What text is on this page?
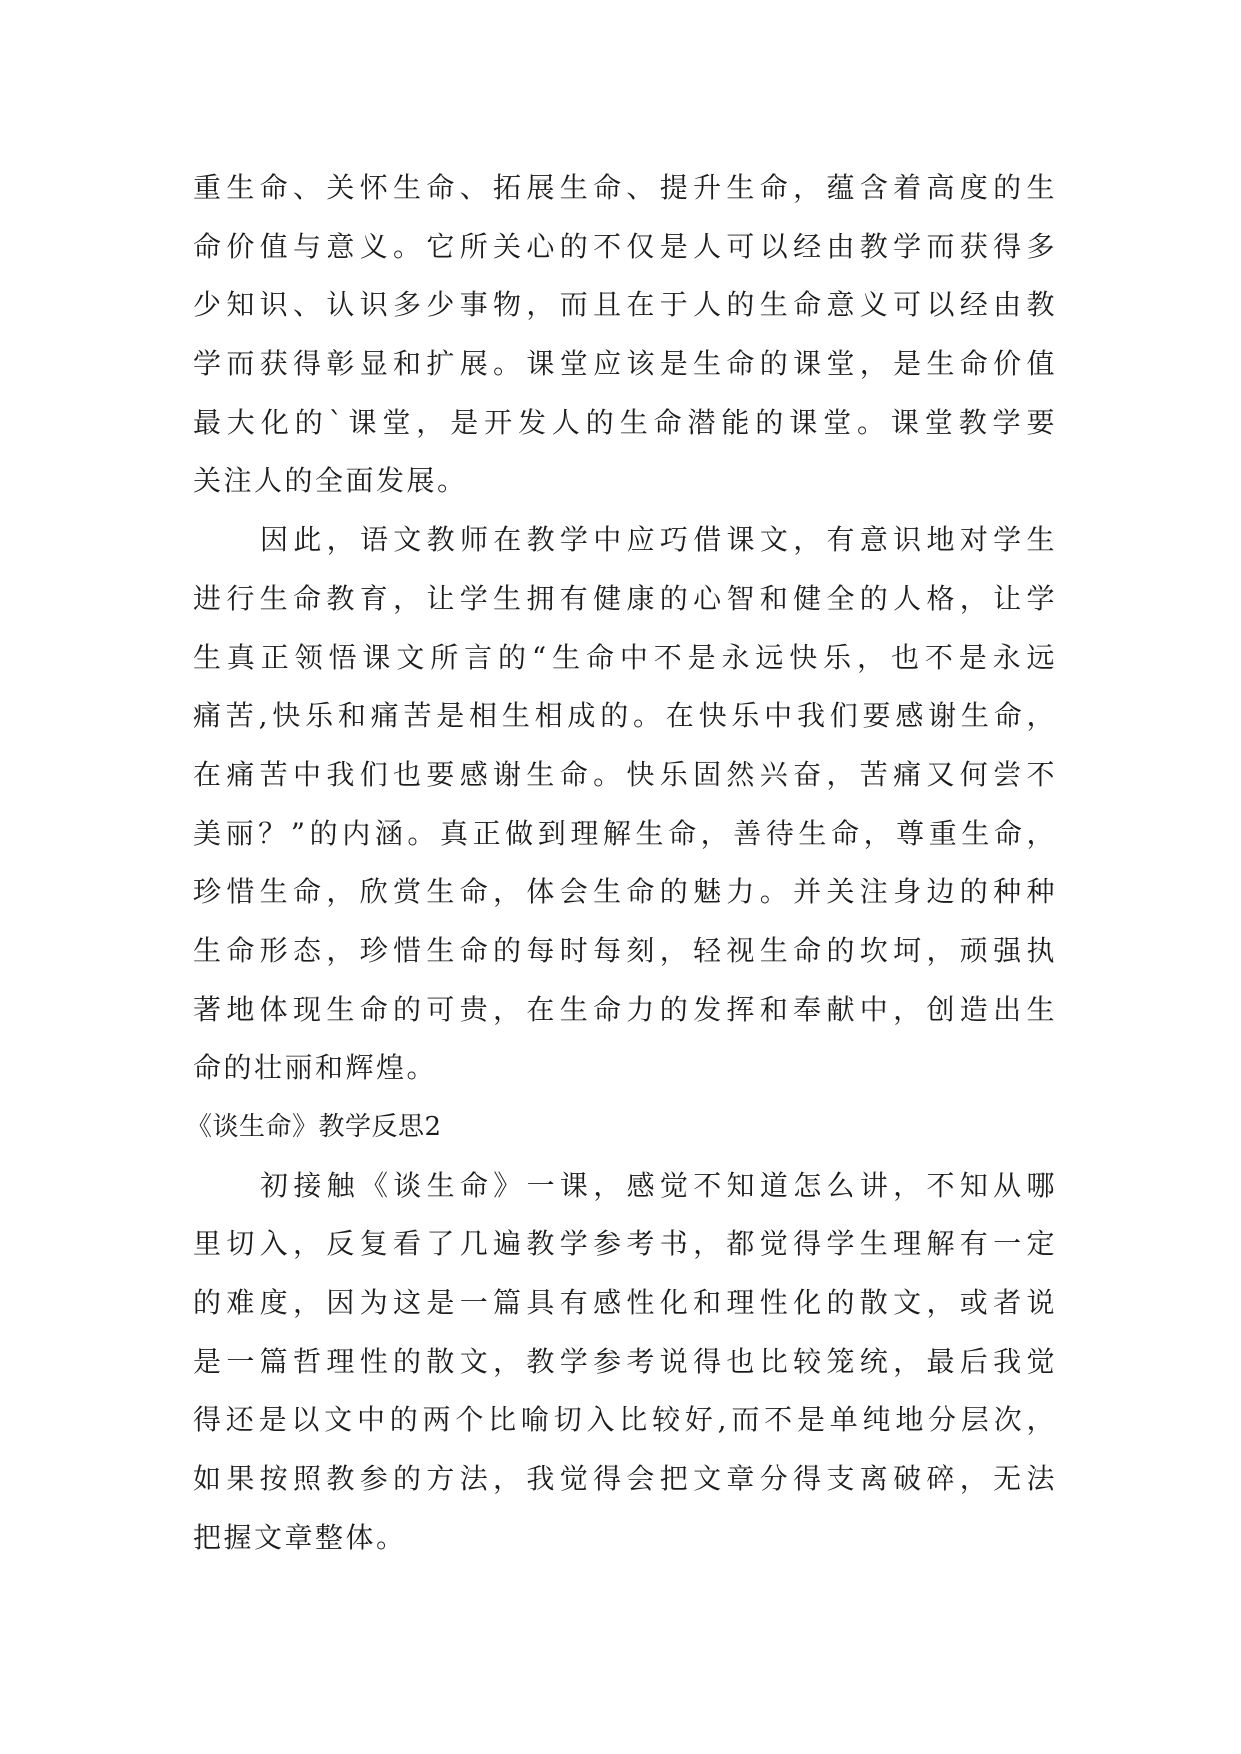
重生命、关怀生命、拓展生命、提升生命，蕴含着高度的生
命价值与意义。它所关心的不仅是人可以经由教学而获得多
少知识、认识多少事物，而且在于人的生命意义可以经由教
学而获得彰显和扩展。课堂应该是生命的课堂，是生命价值
最大化的`课堂，是开发人的生命潜能的课堂。课堂教学要
关注人的全面发展。
因此，语文教师在教学中应巧借课文，有意识地对学生
进行生命教育，让学生拥有健康的心智和健全的人格，让学
生真正领悟课文所言的“生命中不是永远快乐，也不是永远
痛苦,快乐和痛苦是相生相成的。在快乐中我们要感谢生命，
在痛苦中我们也要感谢生命。快乐固然兴奋，苦痛又何尝不
美丽？”的内涵。真正做到理解生命，善待生命，尊重生命，
珍惜生命，欣赏生命，体会生命的魅力。并关注身边的种种
生命形态，珍惜生命的每时每刻，轻视生命的坎坷，顽强执
著地体现生命的可贵，在生命力的发挥和奉献中，创造出生
命的壮丽和辉煌。
《谈生命》教学反思2
初接触《谈生命》一课，感觉不知道怎么讲，不知从哪
里切入，反复看了几遍教学参考书，都觉得学生理解有一定
的难度，因为这是一篇具有感性化和理性化的散文，或者说
是一篇哲理性的散文，教学参考说得也比较笼统，最后我觉
得还是以文中的两个比喻切入比较好,而不是单纯地分层次，
如果按照教参的方法，我觉得会把文章分得支离破碎，无法
把握文章整体。
